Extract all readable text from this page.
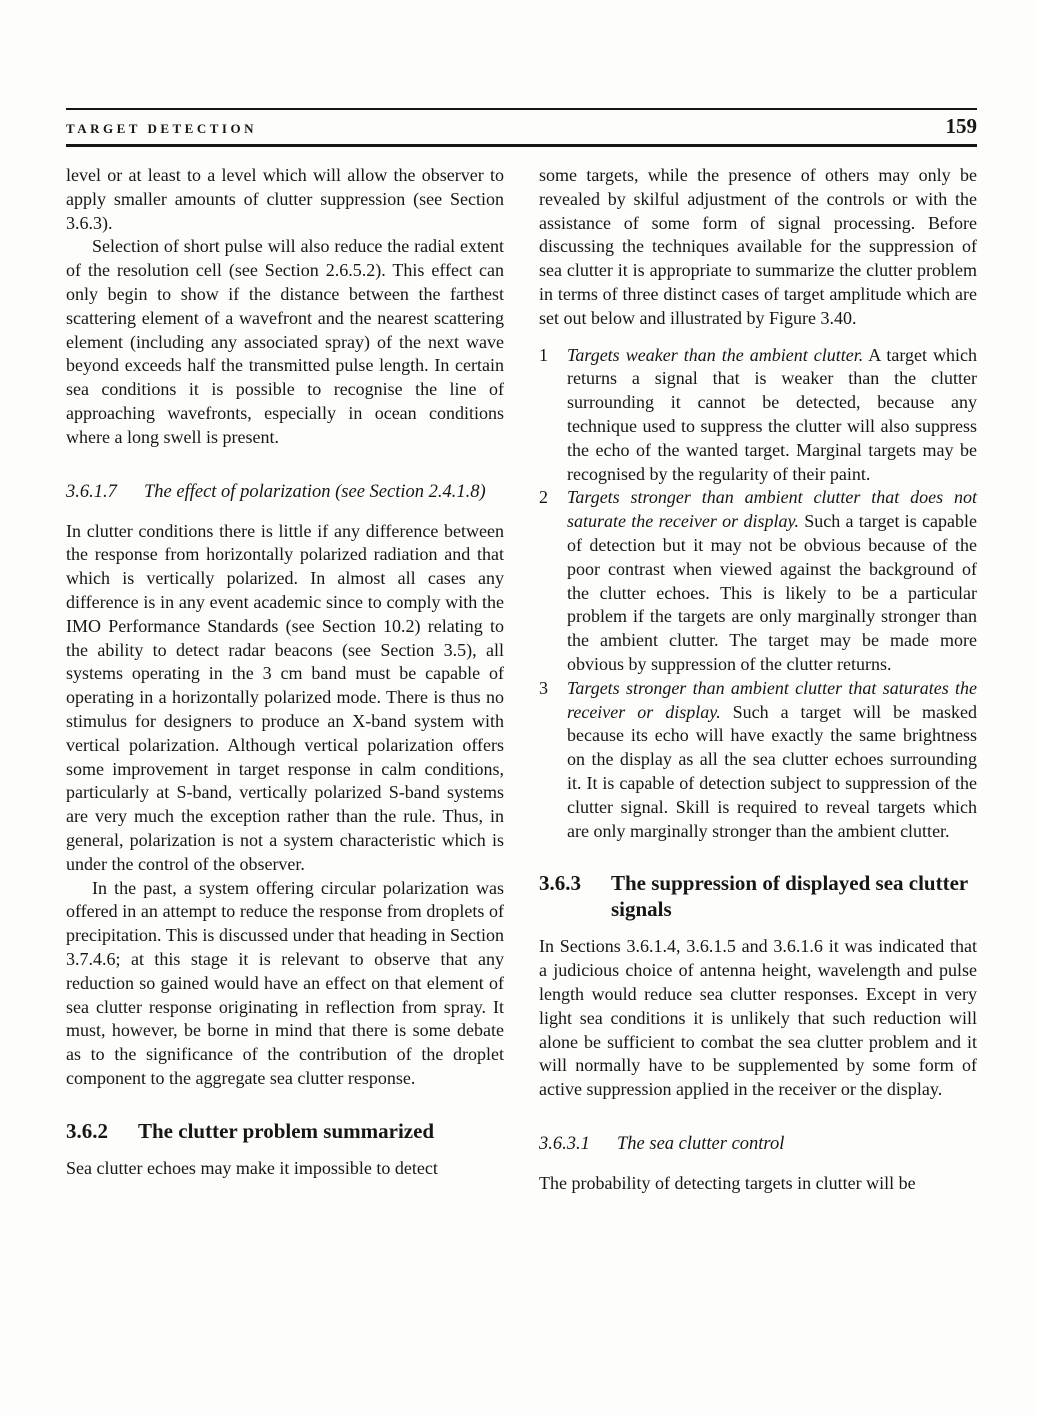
TARGET DETECTION	159

level or at least to a level which will allow the observer to apply smaller amounts of clutter suppression (see Section 3.6.3).

Selection of short pulse will also reduce the radial extent of the resolution cell (see Section 2.6.5.2). This effect can only begin to show if the distance between the farthest scattering element of a wavefront and the nearest scattering element (including any associated spray) of the next wave beyond exceeds half the transmitted pulse length. In certain sea conditions it is possible to recognise the line of approaching wavefronts, especially in ocean conditions where a long swell is present.

3.6.1.7	The effect of polarization (see Section 2.4.1.8)

In clutter conditions there is little if any difference between the response from horizontally polarized radiation and that which is vertically polarized. In almost all cases any difference is in any event academic since to comply with the IMO Performance Standards (see Section 10.2) relating to the ability to detect radar beacons (see Section 3.5), all systems operating in the 3 cm band must be capable of operating in a horizontally polarized mode. There is thus no stimulus for designers to produce an X-band system with vertical polarization. Although vertical polarization offers some improvement in target response in calm conditions, particularly at S-band, vertically polarized S-band systems are very much the exception rather than the rule. Thus, in general, polarization is not a system characteristic which is under the control of the observer.

In the past, a system offering circular polarization was offered in an attempt to reduce the response from droplets of precipitation. This is discussed under that heading in Section 3.7.4.6; at this stage it is relevant to observe that any reduction so gained would have an effect on that element of sea clutter response originating in reflection from spray. It must, however, be borne in mind that there is some debate as to the significance of the contribution of the droplet component to the aggregate sea clutter response.

3.6.2	The clutter problem summarized

Sea clutter echoes may make it impossible to detect

some targets, while the presence of others may only be revealed by skilful adjustment of the controls or with the assistance of some form of signal processing. Before discussing the techniques available for the suppression of sea clutter it is appropriate to summarize the clutter problem in terms of three distinct cases of target amplitude which are set out below and illustrated by Figure 3.40.

1	Targets weaker than the ambient clutter. A target which returns a signal that is weaker than the clutter surrounding it cannot be detected, because any technique used to suppress the clutter will also suppress the echo of the wanted target. Marginal targets may be recognised by the regularity of their paint.
2	Targets stronger than ambient clutter that does not saturate the receiver or display. Such a target is capable of detection but it may not be obvious because of the poor contrast when viewed against the background of the clutter echoes. This is likely to be a particular problem if the targets are only marginally stronger than the ambient clutter. The target may be made more obvious by suppression of the clutter returns.
3	Targets stronger than ambient clutter that saturates the receiver or display. Such a target will be masked because its echo will have exactly the same brightness on the display as all the sea clutter echoes surrounding it. It is capable of detection subject to suppression of the clutter signal. Skill is required to reveal targets which are only marginally stronger than the ambient clutter.
3.6.3	The suppression of displayed sea clutter signals

In Sections 3.6.1.4, 3.6.1.5 and 3.6.1.6 it was indicated that a judicious choice of antenna height, wavelength and pulse length would reduce sea clutter responses. Except in very light sea conditions it is unlikely that such reduction will alone be sufficient to combat the sea clutter problem and it will normally have to be supplemented by some form of active suppression applied in the receiver or the display.

3.6.3.1	The sea clutter control

The probability of detecting targets in clutter will be
